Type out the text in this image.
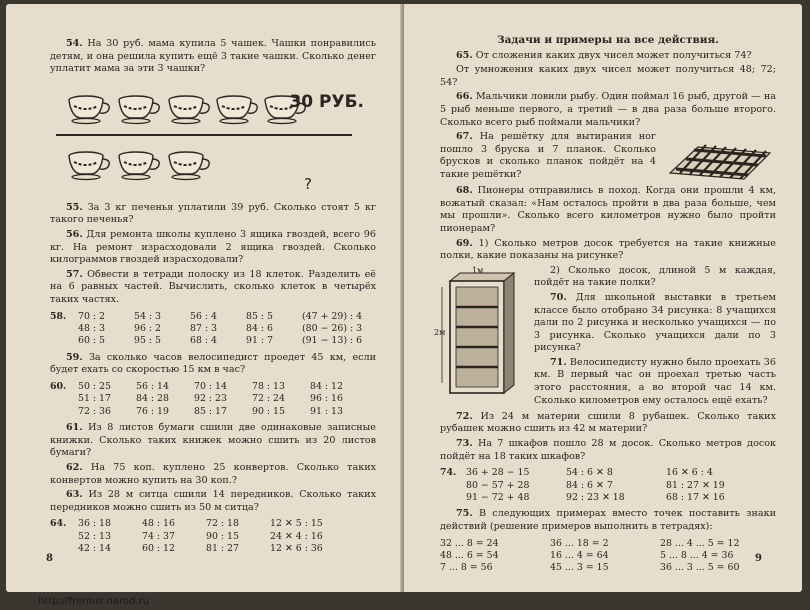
54. На 30 руб. мама купила 5 чашек. Чашки понравились детям, и она решила купить ещё 3 такие чашки. Сколько денег уплатит мама за эти 3 чашки?
30 РУБ.
?
55. За 3 кг печенья уплатили 39 руб. Сколько стоят 5 кг такого печенья?
56. Для ремонта школы куплено 3 ящика гвоздей, всего 96 кг. На ремонт израсходовали 2 ящика гвоздей. Сколько килограммов гвоздей израсходовали?
57. Обвести в тетради полоску из 18 клеток. Разделить её на 6 равных частей. Вычислить, сколько клеток в четырёх таких частях.
58.	70 : 2	54 : 3	56 : 4	85 : 5	(47 + 29) : 4
48 : 3	96 : 2	87 : 3	84 : 6	(80 − 26) : 3
60 : 5	95 : 5	68 : 4	91 : 7	(91 − 13) : 6
59. За сколько часов велосипедист проедет 45 км, если будет ехать со скоростью 15 км в час?
60.	50 : 25	56 : 14	70 : 14	78 : 13	84 : 12
51 : 17	84 : 28	92 : 23	72 : 24	96 : 16
72 : 36	76 : 19	85 : 17	90 : 15	91 : 13
61. Из 8 листов бумаги сшили две одинаковые записные книжки. Сколько таких книжек можно сшить из 20 листов бумаги?
62. На 75 коп. куплено 25 конвертов. Сколько таких конвертов можно купить на 30 коп.?
63. Из 28 м ситца сшили 14 передников. Сколько таких передников можно сшить из 50 м ситца?
64.	36 : 18	48 : 16	72 : 18	12 ✕ 5 : 15
52 : 13	74 : 37	90 : 15	24 ✕ 4 : 16
42 : 14	60 : 12	81 : 27	12 ✕ 6 : 36
8
Задачи и примеры на все действия.
65. От сложения каких двух чисел может получиться 74?
От умножения каких двух чисел может получиться 48; 72; 54?
66. Мальчики ловили рыбу. Один поймал 16 рыб, другой — на 5 рыб меньше первого, а третий — в два раза больше второго. Сколько всего рыб поймали мальчики?
67. На решётку для вытирания ног пошло 3 бруска и 7 планок. Сколько брусков и сколько планок пойдёт на 4 такие решётки?
68. Пионеры отправились в поход. Когда они прошли 4 км, вожатый сказал: «Нам осталось пройти в два раза больше, чем мы прошли». Сколько всего километров нужно было пройти пионерам?
69. 1) Сколько метров досок требуется на такие книжные полки, какие показаны на рисунке?
1м
2м
2) Сколько досок, длиной 5 м каждая, пойдёт на такие полки?
70. Для школьной выставки в третьем классе было отобрано 34 рисунка: 8 учащихся дали по 2 рисунка и несколько учащихся — по 3 рисунка. Сколько учащихся дали по 3 рисунка?
71. Велосипедисту нужно было проехать 36 км. В первый час он проехал третью часть этого расстояния, а во второй час 14 км. Сколько километров ему осталось ещё ехать?
72. Из 24 м материи сшили 8 рубашек. Сколько таких рубашек можно сшить из 42 м материи?
73. На 7 шкафов пошло 28 м досок. Сколько метров досок пойдёт на 18 таких шкафов?
74.	36 + 28 − 15	54 : 6 ✕ 8	16 ✕ 6 : 4
80 − 57 + 28	84 : 6 ✕ 7	81 : 27 ✕ 19
91 − 72 + 48	92 : 23 ✕ 18	68 : 17 ✕ 16
75. В следующих примерах вместо точек поставить знаки действий (решение примеров выполнить в тетрадях):
32 ... 8 = 24	36 ... 18 = 2	28 ... 4 ... 5 = 12
48 ... 6 = 54	16 ... 4 = 64	5 ... 8 ... 4 = 36
7 ... 8 = 56	45 ... 3 = 15	36 ... 3 ... 5 = 60
9
http://fremus.narod.ru
